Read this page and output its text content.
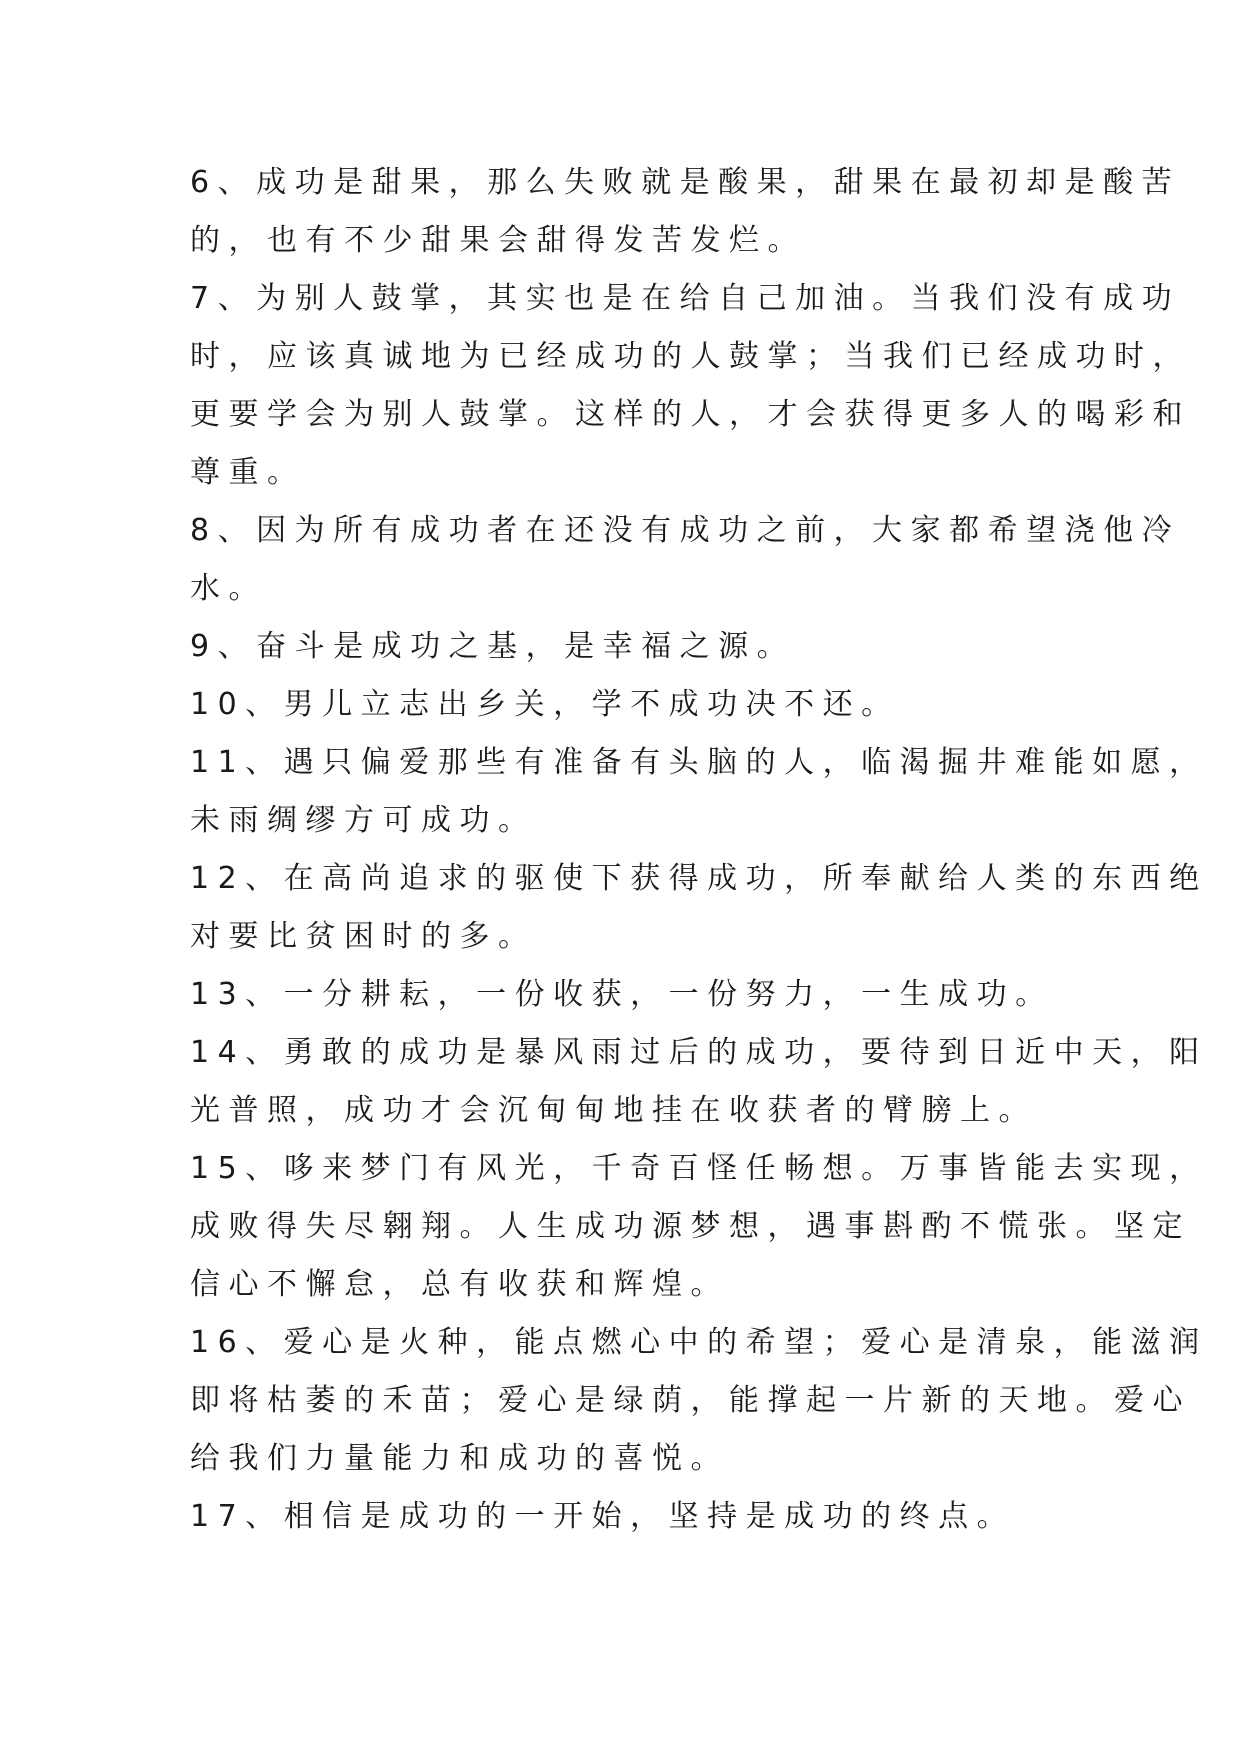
6、成功是甜果，那么失败就是酸果，甜果在最初却是酸苦
的，也有不少甜果会甜得发苦发烂。
7、为别人鼓掌，其实也是在给自己加油。当我们没有成功
时，应该真诚地为已经成功的人鼓掌；当我们已经成功时，
更要学会为别人鼓掌。这样的人，才会获得更多人的喝彩和
尊重。
8、因为所有成功者在还没有成功之前，大家都希望浇他冷
水。
9、奋斗是成功之基，是幸福之源。
10、男儿立志出乡关，学不成功决不还。
11、遇只偏爱那些有准备有头脑的人，临渴掘井难能如愿，
未雨绸缪方可成功。
12、在高尚追求的驱使下获得成功，所奉献给人类的东西绝
对要比贫困时的多。
13、一分耕耘，一份收获，一份努力，一生成功。
14、勇敢的成功是暴风雨过后的成功，要待到日近中天，阳
光普照，成功才会沉甸甸地挂在收获者的臂膀上。
15、哆来梦门有风光，千奇百怪任畅想。万事皆能去实现，
成败得失尽翱翔。人生成功源梦想，遇事斟酌不慌张。坚定
信心不懈怠，总有收获和辉煌。
16、爱心是火种，能点燃心中的希望；爱心是清泉，能滋润
即将枯萎的禾苗；爱心是绿荫，能撑起一片新的天地。爱心
给我们力量能力和成功的喜悦。
17、相信是成功的一开始，坚持是成功的终点。
